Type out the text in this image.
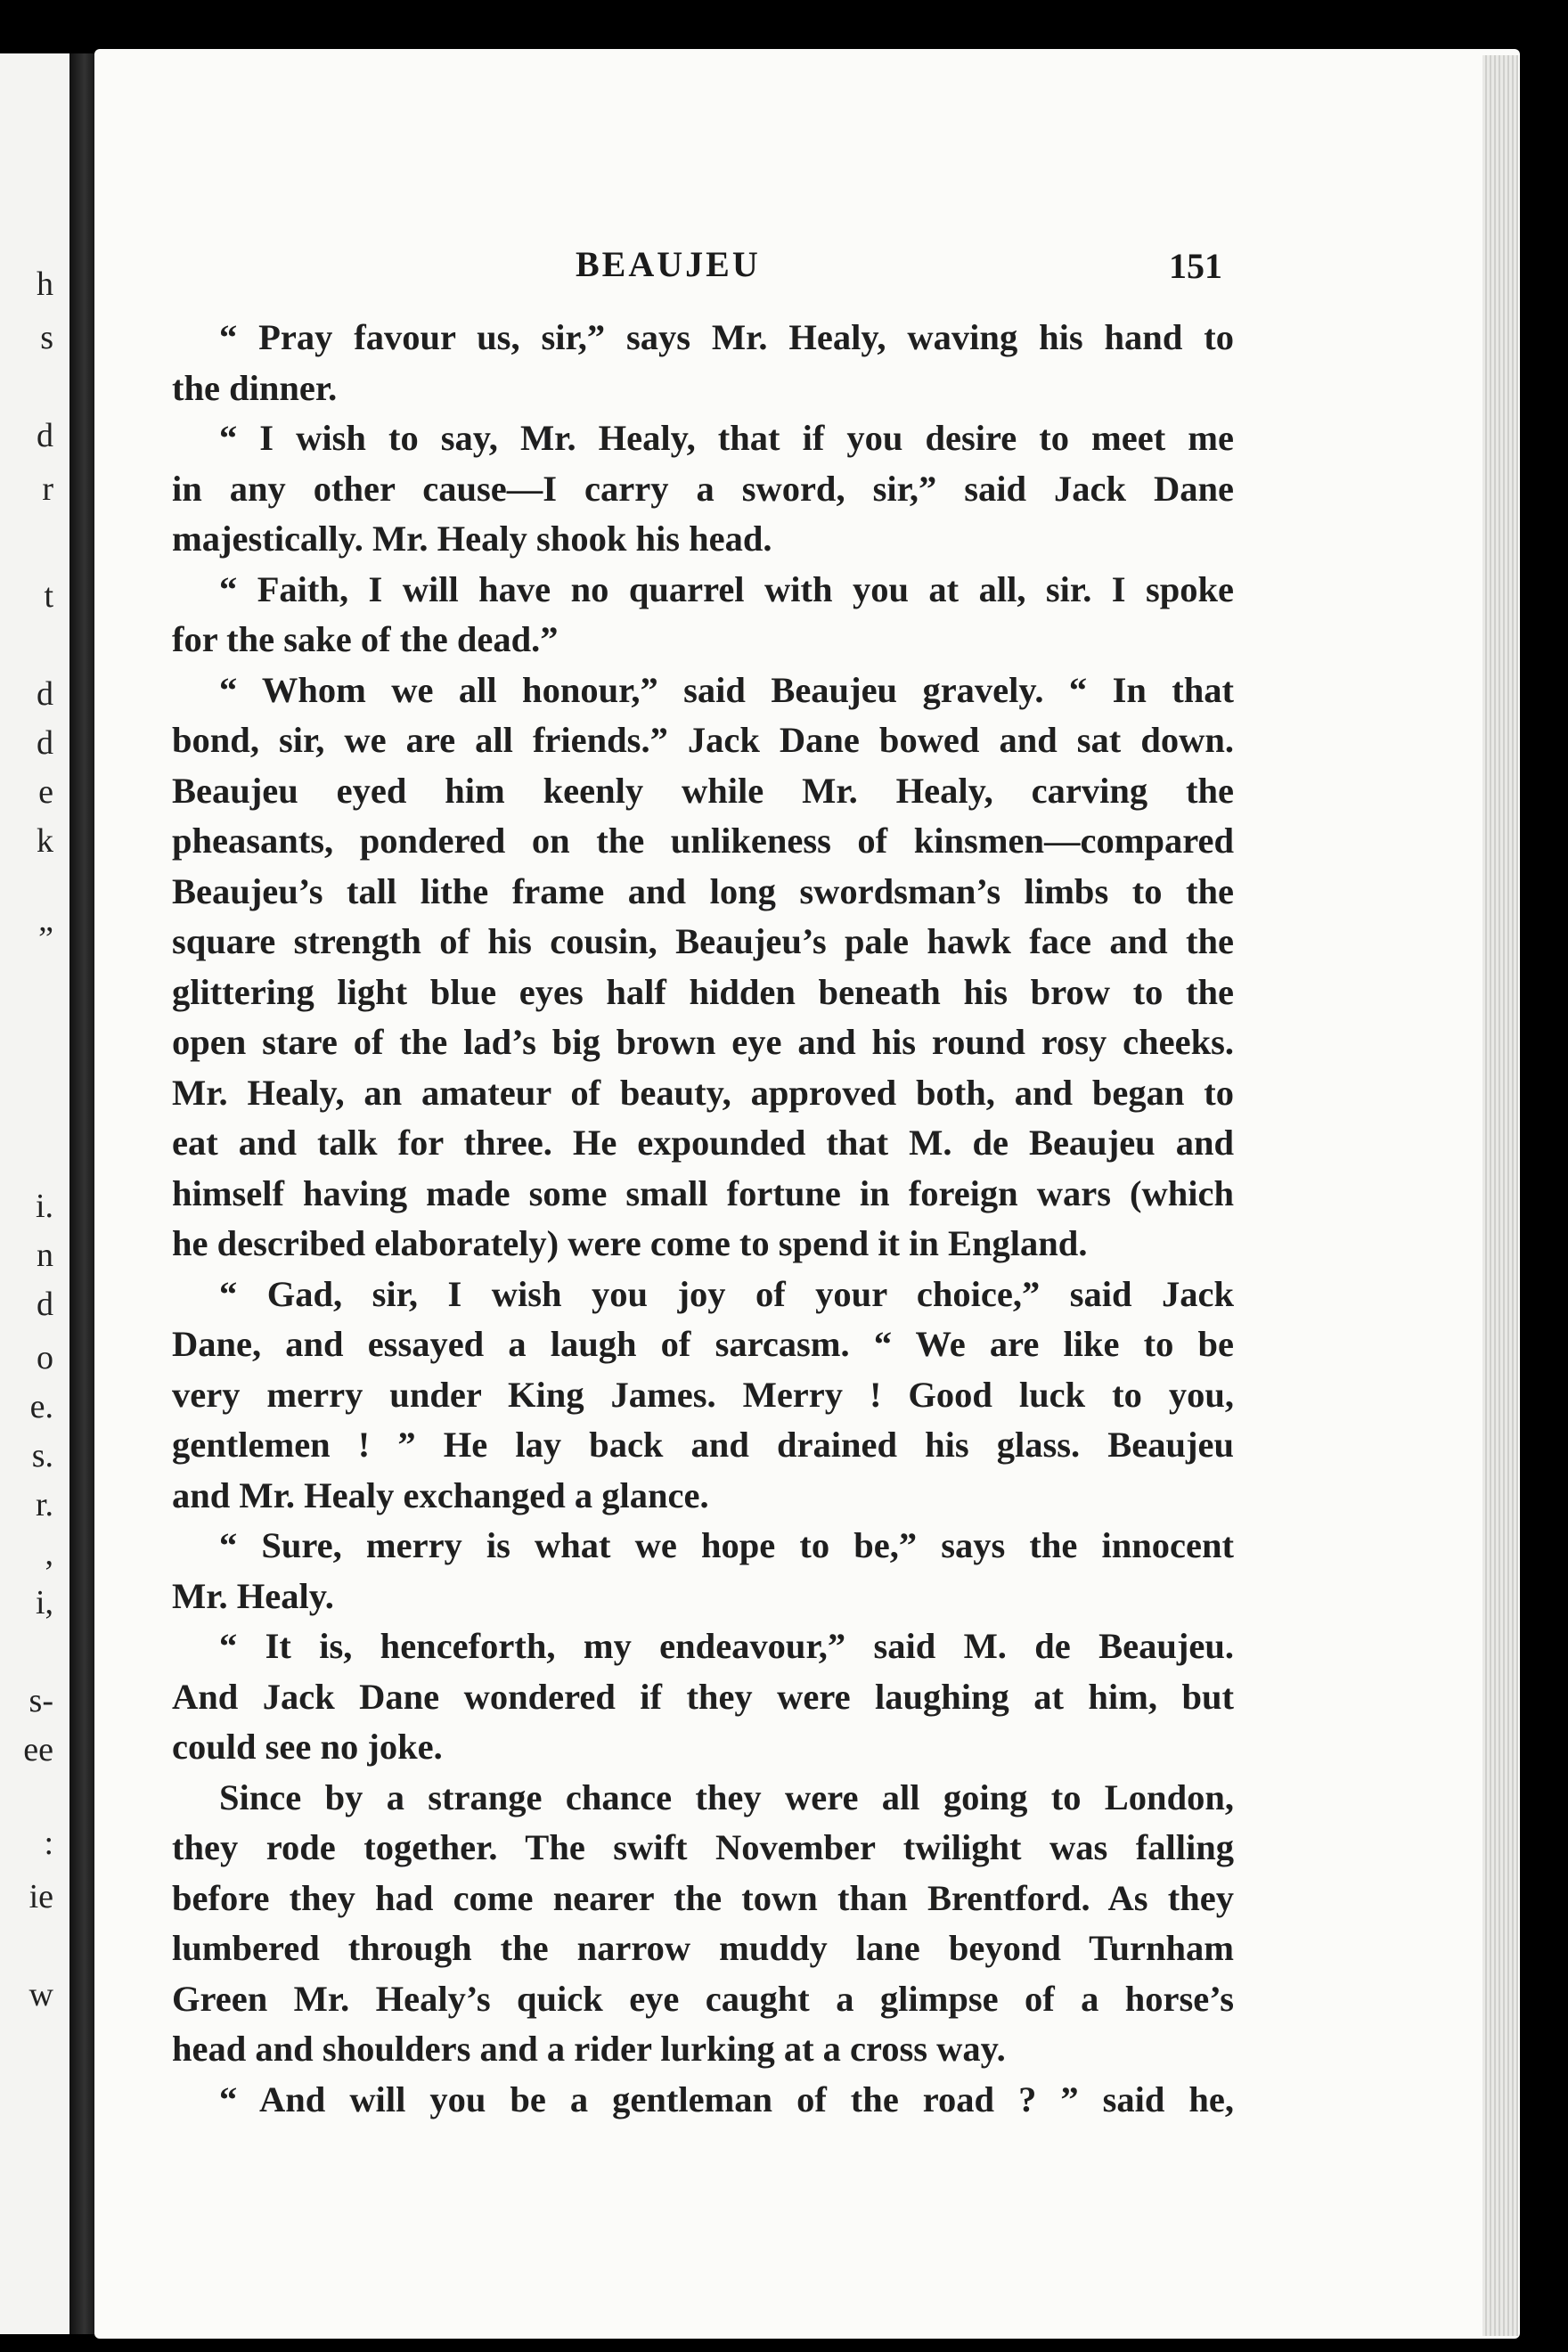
h
s
d
r
t
d
d
e
k
”
i.
n
d
o
e.
s.
r.
,
i,
s-
ee
:
ie
w
BEAUJEU	151

“ Pray favour us, sir,” says Mr. Healy, waving his hand to
the dinner.

“ I wish to say, Mr. Healy, that if you desire to meet me
in any other cause—I carry a sword, sir,” said Jack Dane
majestically. Mr. Healy shook his head.

“ Faith, I will have no quarrel with you at all, sir. I spoke
for the sake of the dead.”

“ Whom we all honour,” said Beaujeu gravely. “ In that
bond, sir, we are all friends.” Jack Dane bowed and sat down.
Beaujeu eyed him keenly while Mr. Healy, carving the
pheasants, pondered on the unlikeness of kinsmen—compared
Beaujeu’s tall lithe frame and long swordsman’s limbs to the
square strength of his cousin, Beaujeu’s pale hawk face and the
glittering light blue eyes half hidden beneath his brow to the
open stare of the lad’s big brown eye and his round rosy cheeks.
Mr. Healy, an amateur of beauty, approved both, and began to
eat and talk for three. He expounded that M. de Beaujeu and
himself having made some small fortune in foreign wars (which
he described elaborately) were come to spend it in England.

“ Gad, sir, I wish you joy of your choice,” said Jack
Dane, and essayed a laugh of sarcasm. “ We are like to be
very merry under King James. Merry ! Good luck to you,
gentlemen ! ” He lay back and drained his glass. Beaujeu
and Mr. Healy exchanged a glance.

“ Sure, merry is what we hope to be,” says the innocent
Mr. Healy.

“ It is, henceforth, my endeavour,” said M. de Beaujeu.
And Jack Dane wondered if they were laughing at him, but
could see no joke.

Since by a strange chance they were all going to London,
they rode together. The swift November twilight was falling
before they had come nearer the town than Brentford. As they
lumbered through the narrow muddy lane beyond Turnham
Green Mr. Healy’s quick eye caught a glimpse of a horse’s
head and shoulders and a rider lurking at a cross way.

“ And will you be a gentleman of the road ? ” said he,
